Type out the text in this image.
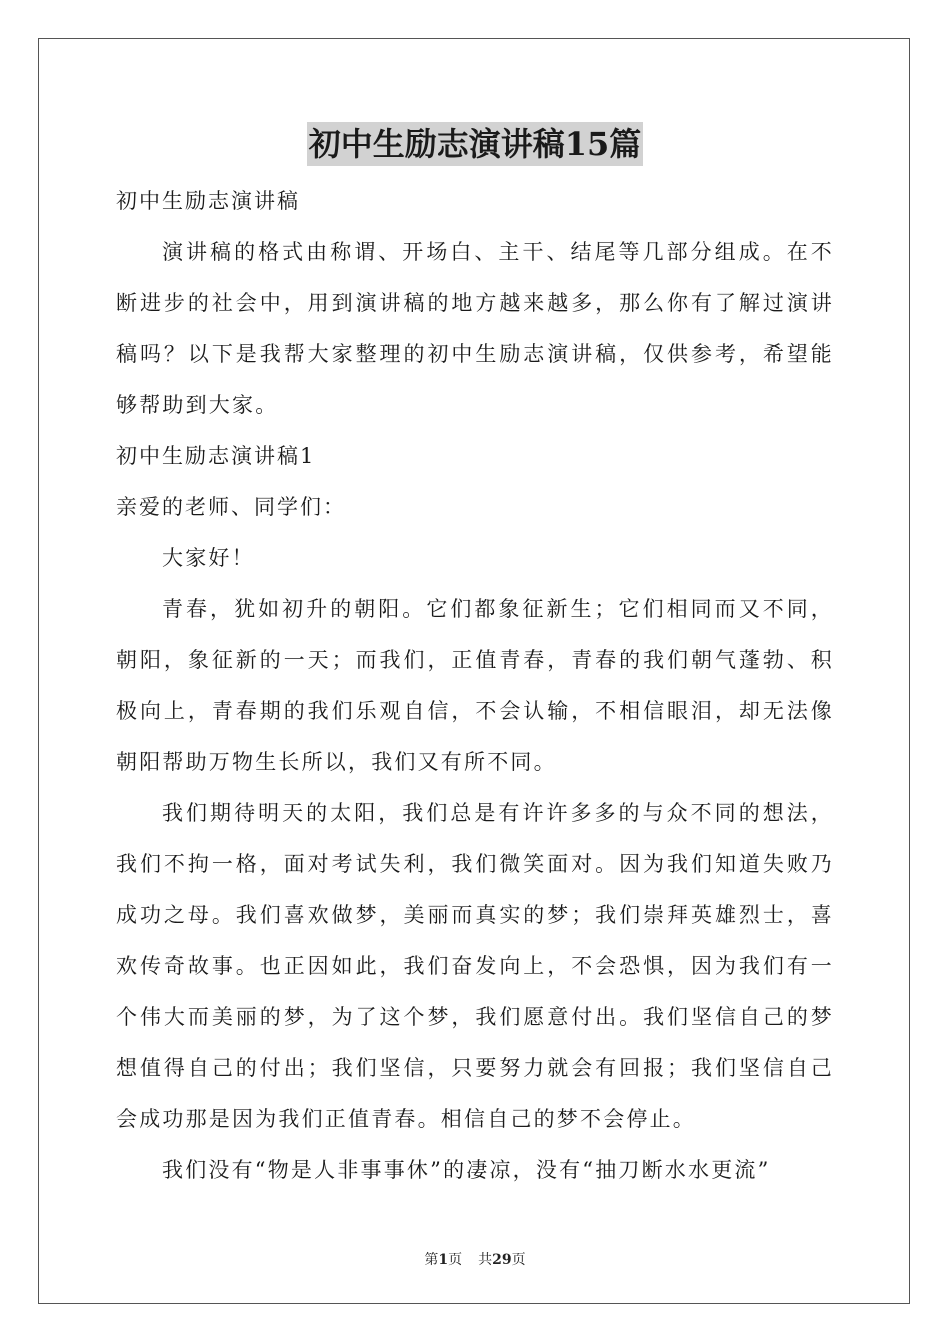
初中生励志演讲稿15篇

初中生励志演讲稿

演讲稿的格式由称谓、开场白、主干、结尾等几部分组成。在不断进步的社会中，用到演讲稿的地方越来越多，那么你有了解过演讲稿吗？以下是我帮大家整理的初中生励志演讲稿，仅供参考，希望能够帮助到大家。

初中生励志演讲稿1

亲爱的老师、同学们：

大家好！

青春，犹如初升的朝阳。它们都象征新生；它们相同而又不同，朝阳，象征新的一天；而我们，正值青春，青春的我们朝气蓬勃、积极向上，青春期的我们乐观自信，不会认输，不相信眼泪，却无法像朝阳帮助万物生长所以，我们又有所不同。

我们期待明天的太阳，我们总是有许许多多的与众不同的想法，我们不拘一格，面对考试失利，我们微笑面对。因为我们知道失败乃成功之母。我们喜欢做梦，美丽而真实的梦；我们崇拜英雄烈士，喜欢传奇故事。也正因如此，我们奋发向上，不会恐惧，因为我们有一个伟大而美丽的梦，为了这个梦，我们愿意付出。我们坚信自己的梦想值得自己的付出；我们坚信，只要努力就会有回报；我们坚信自己会成功那是因为我们正值青春。相信自己的梦不会停止。

我们没有“物是人非事事休”的凄凉，没有“抽刀断水水更流”

第1页 共29页
